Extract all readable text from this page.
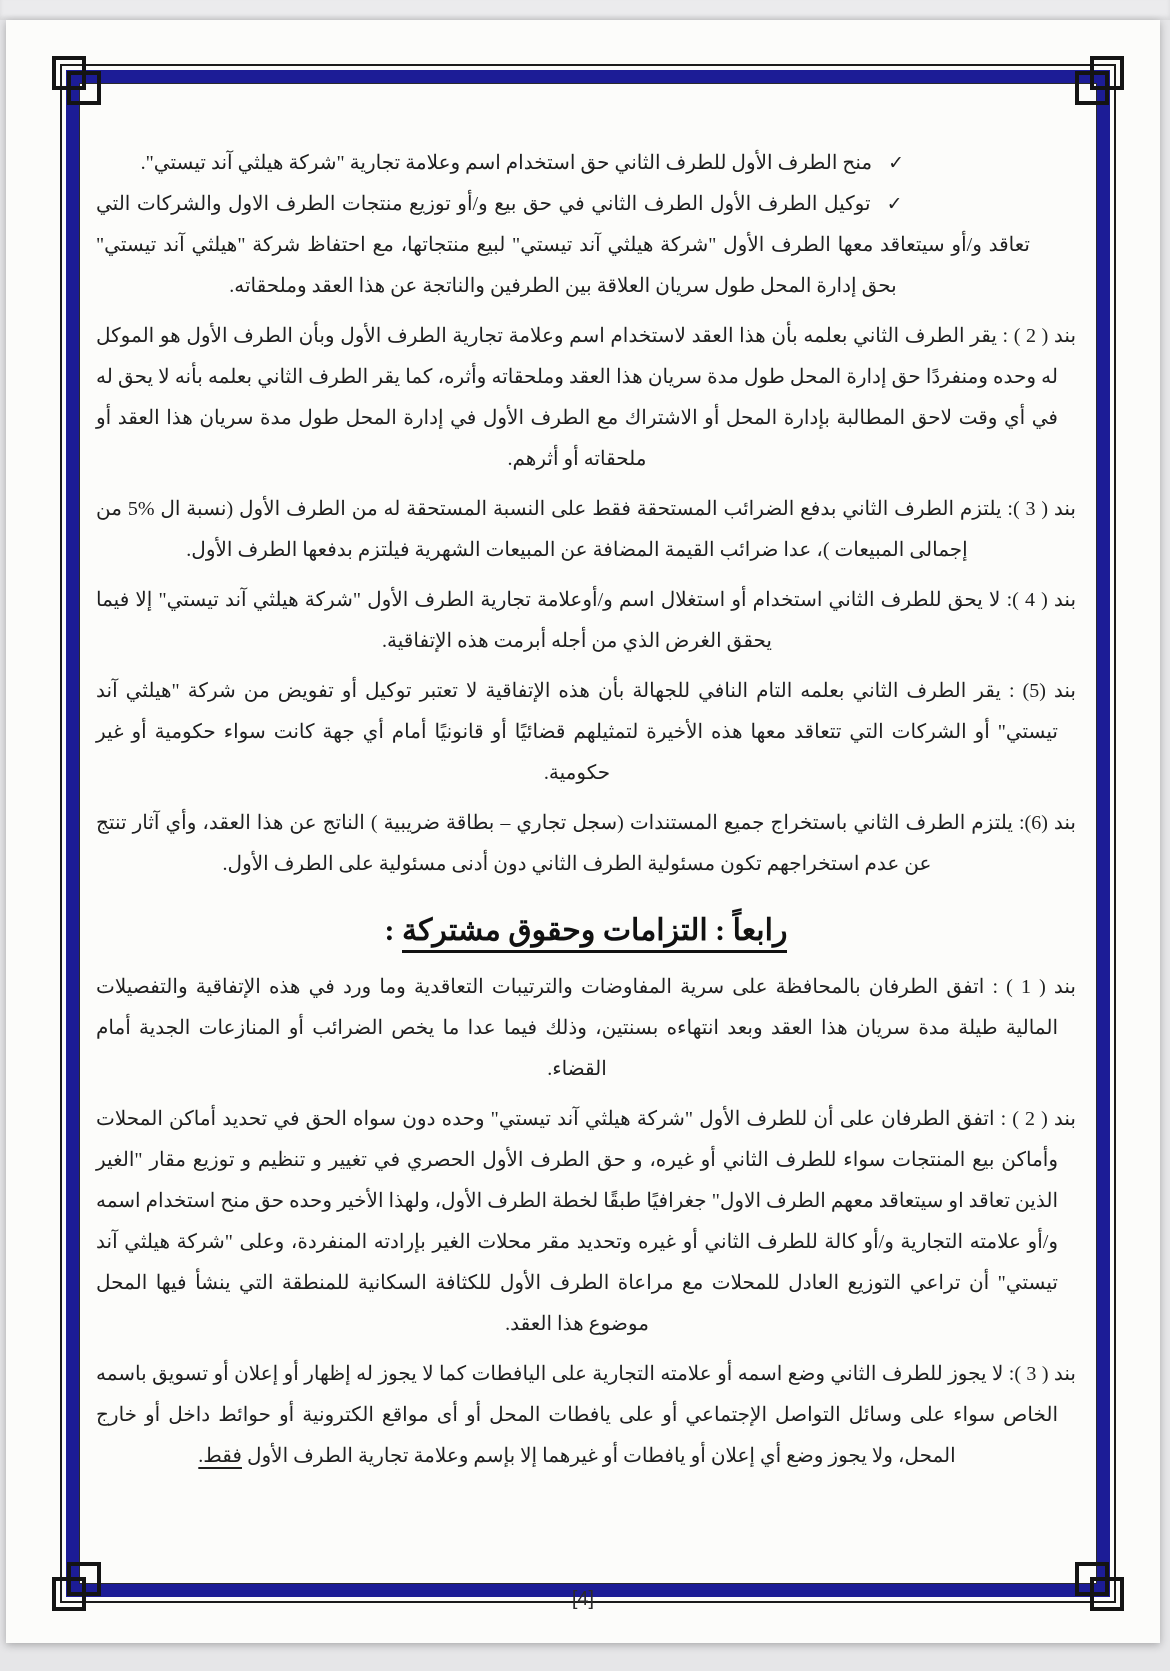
✓منح الطرف الأول للطرف الثاني حق استخدام اسم وعلامة تجارية "شركة هيلثي آند تيستي".
✓توكيل الطرف الأول الطرف الثاني في حق بيع و/أو توزيع منتجات الطرف الاول والشركات التي تعاقد و/أو سيتعاقد معها الطرف الأول "شركة هيلثي آند تيستي" لبيع منتجاتها، مع احتفاظ شركة "هيلثي آند تيستي" بحق إدارة المحل طول سريان العلاقة بين الطرفين والناتجة عن هذا العقد وملحقاته.

بند ( 2 ) : يقر الطرف الثاني بعلمه بأن هذا العقد لاستخدام اسم وعلامة تجارية الطرف الأول وبأن الطرف الأول هو الموكل له وحده ومنفردًا حق إدارة المحل طول مدة سريان هذا العقد وملحقاته وأثره، كما يقر الطرف الثاني بعلمه بأنه لا يحق له في أي وقت لاحق المطالبة بإدارة المحل أو الاشتراك مع الطرف الأول في إدارة المحل طول مدة سريان هذا العقد أو ملحقاته أو أثرهم.

بند ( 3 ): يلتزم الطرف الثاني بدفع الضرائب المستحقة فقط على النسبة المستحقة له من الطرف الأول (نسبة ال %5 من إجمالى المبيعات )، عدا ضرائب القيمة المضافة عن المبيعات الشهرية فيلتزم بدفعها الطرف الأول.

بند ( 4 ): لا يحق للطرف الثاني استخدام أو استغلال اسم و/أوعلامة تجارية الطرف الأول "شركة هيلثي آند تيستي" إلا فيما يحقق الغرض الذي من أجله أبرمت هذه الإتفاقية.

بند (5) : يقر الطرف الثاني بعلمه التام النافي للجهالة بأن هذه الإتفاقية لا تعتبر توكيل أو تفويض من شركة "هيلثي آند تيستي" أو الشركات التي تتعاقد معها هذه الأخيرة لتمثيلهم قضائيًا أو قانونيًا أمام أي جهة كانت سواء حكومية أو غير حكومية.

بند (6): يلتزم الطرف الثاني باستخراج جميع المستندات (سجل تجاري – بطاقة ضريبية ) الناتج عن هذا العقد، وأي آثار تنتج عن عدم استخراجهم تكون مسئولية الطرف الثاني دون أدنى مسئولية على الطرف الأول.

رابعاً : التزامات وحقوق مشتركة :

بند ( 1 ) : اتفق الطرفان بالمحافظة على سرية المفاوضات والترتيبات التعاقدية وما ورد في هذه الإتفاقية والتفصيلات المالية طيلة مدة سريان هذا العقد وبعد انتهاءه بسنتين، وذلك فيما عدا ما يخص الضرائب أو المنازعات الجدية أمام القضاء.

بند ( 2 ) : اتفق الطرفان على أن للطرف الأول "شركة هيلثي آند تيستي" وحده دون سواه الحق في تحديد أماكن المحلات وأماكن بيع المنتجات سواء للطرف الثاني أو غيره، و حق الطرف الأول الحصري في تغيير و تنظيم و توزيع مقار "الغير الذين تعاقد او سيتعاقد معهم الطرف الاول" جغرافيًا طبقًا لخطة الطرف الأول، ولهذا الأخير وحده حق منح استخدام اسمه و/أو علامته التجارية و/أو كالة للطرف الثاني أو غيره وتحديد مقر محلات الغير بإرادته المنفردة، وعلى "شركة هيلثي آند تيستي" أن تراعي التوزيع العادل للمحلات مع مراعاة الطرف الأول للكثافة السكانية للمنطقة التي ينشأ فيها المحل موضوع هذا العقد.

بند ( 3 ): لا يجوز للطرف الثاني وضع اسمه أو علامته التجارية على اليافطات كما لا يجوز له إظهار أو إعلان أو تسويق باسمه الخاص سواء على وسائل التواصل الإجتماعي أو على يافطات المحل أو أى مواقع الكترونية أو حوائط داخل أو خارج المحل، ولا يجوز وضع أي إعلان أو يافطات أو غيرهما إلا بإسم وعلامة تجارية الطرف الأول فقط.

[4]
